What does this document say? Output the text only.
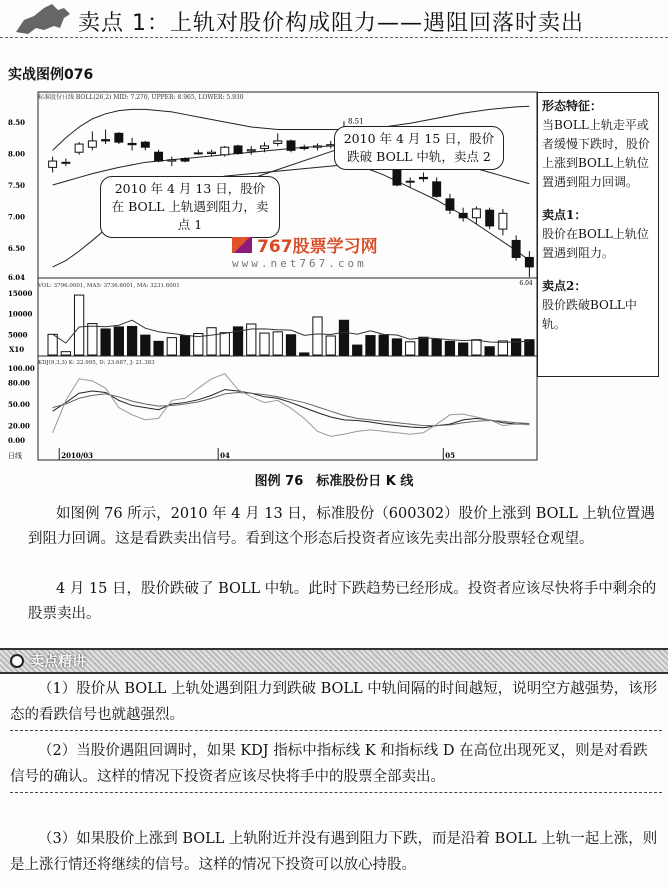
卖点 1：上轨对股价构成阻力——遇阻回落时卖出
实战图例076
标准股份日线 BOLL(26,2) MID: 7.270, UPPER: 8.965, LOWER: 5.930
8.50
8.00
7.50
7.00
6.50
6.04
8.51
6.04
VOL: 3796.0001, MA5: 3736.6001, MA: 3231.6001
15000
10000
5000
X10
KDJ(9,3,3) K: 22.995, D: 23.687, J: 21.383
100.00
80.00
50.00
20.00
0.00
2010/03	04	05
日线
2010 年 4 月 15 日，股价跌破 BOLL 中轨，卖点 2
2010 年 4 月 13 日，股价在 BOLL 上轨遇到阻力，卖点 1
767股票学习网
www.net767.com

形态特征：
当BOLL上轨走平或者缓慢下跌时，股价上涨到BOLL上轨位置遇到阻力回调。

卖点1：
股价在BOLL上轨位置遇到阻力。

卖点2：
股价跌破BOLL中轨。

图例 76　标准股份日 K 线
如图例 76 所示，2010 年 4 月 13 日，标准股份（600302）股价上涨到 BOLL 上轨位置遇到阻力回调。这是看跌卖出信号。看到这个形态后投资者应该先卖出部分股票轻仓观望。
4 月 15 日，股价跌破了 BOLL 中轨。此时下跌趋势已经形成。投资者应该尽快将手中剩余的股票卖出。
卖点精讲
（1）股价从 BOLL 上轨处遇到阻力到跌破 BOLL 中轨间隔的时间越短，说明空方越强势，该形态的看跌信号也就越强烈。
（2）当股价遇阻回调时，如果 KDJ 指标中指标线 K 和指标线 D 在高位出现死叉，则是对看跌信号的确认。这样的情况下投资者应该尽快将手中的股票全部卖出。
（3）如果股价上涨到 BOLL 上轨附近并没有遇到阻力下跌，而是沿着 BOLL 上轨一起上涨，则是上涨行情还将继续的信号。这样的情况下投资可以放心持股。
